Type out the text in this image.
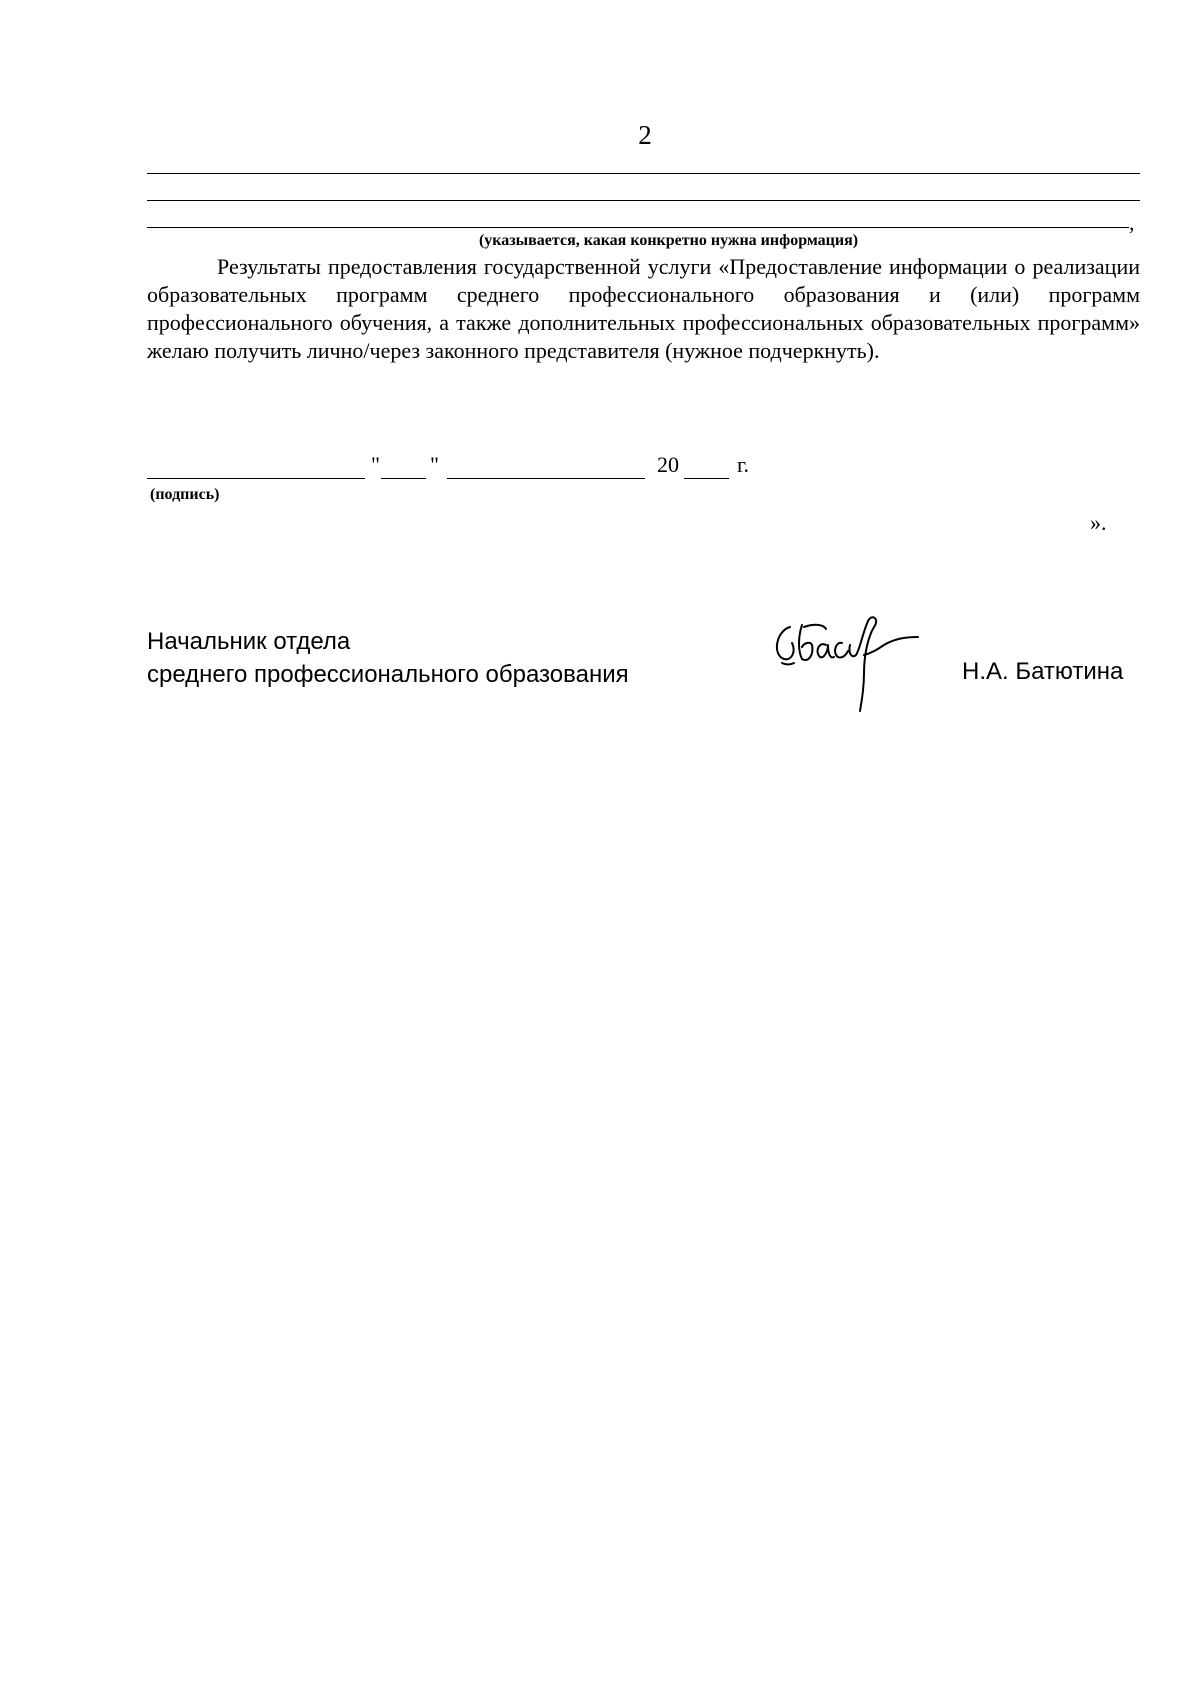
2
,
(указывается, какая конкретно нужна информация)

Результаты предоставления государственной услуги «Предоставление информации о реализации образовательных программ среднего профессионального образования и (или) программ профессионального обучения, а также дополнительных профессиональных образовательных программ» желаю получить лично/через законного представителя (нужное подчеркнуть).

" "	20	г.
(подпись)
».
Начальник отдела
среднего профессионального образования	Н.А. Батютина
